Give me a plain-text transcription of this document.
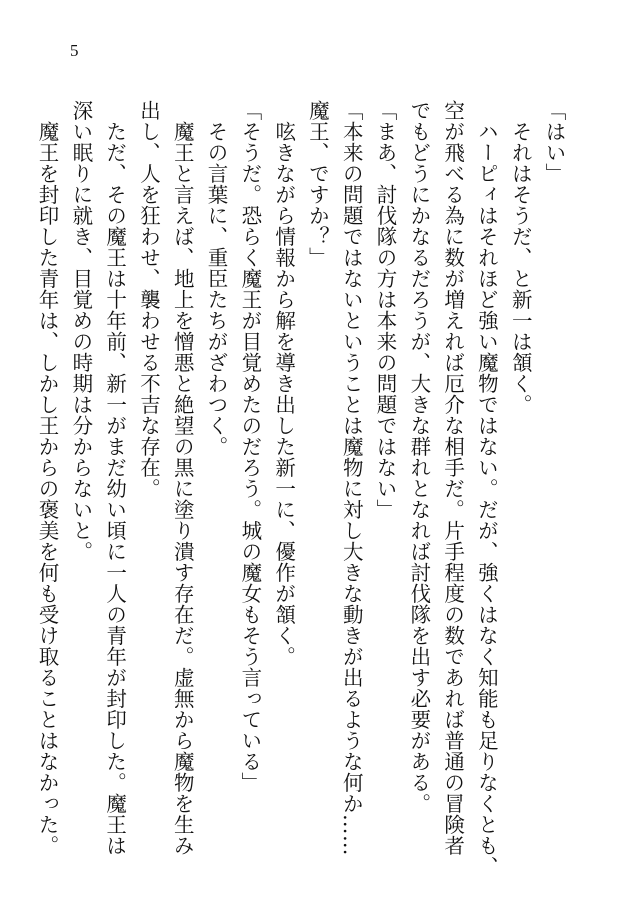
5

「はい」

　それはそうだ、と新一は頷く。

　ハーピィはそれほど強い魔物ではない。だが、強くはなく知能も足りなくとも、

空が飛べる為に数が増えれば厄介な相手だ。片手程度の数であれば普通の冒険者

でもどうにかなるだろうが、大きな群れとなれば討伐隊を出す必要がある。

「まあ、討伐隊の方は本来の問題ではない」

「本来の問題ではないということは魔物に対し大きな動きが出るような何か……

魔王、ですか？」

　呟きながら情報から解を導き出した新一に、優作が頷く。

「そうだ。恐らく魔王が目覚めたのだろう。城の魔女もそう言っている」

　その言葉に、重臣たちがざわつく。

　魔王と言えば、地上を憎悪と絶望の黒に塗り潰す存在だ。虚無から魔物を生み

出し、人を狂わせ、襲わせる不吉な存在。

　ただ、その魔王は十年前、新一がまだ幼い頃に一人の青年が封印した。魔王は

深い眠りに就き、目覚めの時期は分からないと。

　魔王を封印した青年は、しかし王からの褒美を何も受け取ることはなかった。
